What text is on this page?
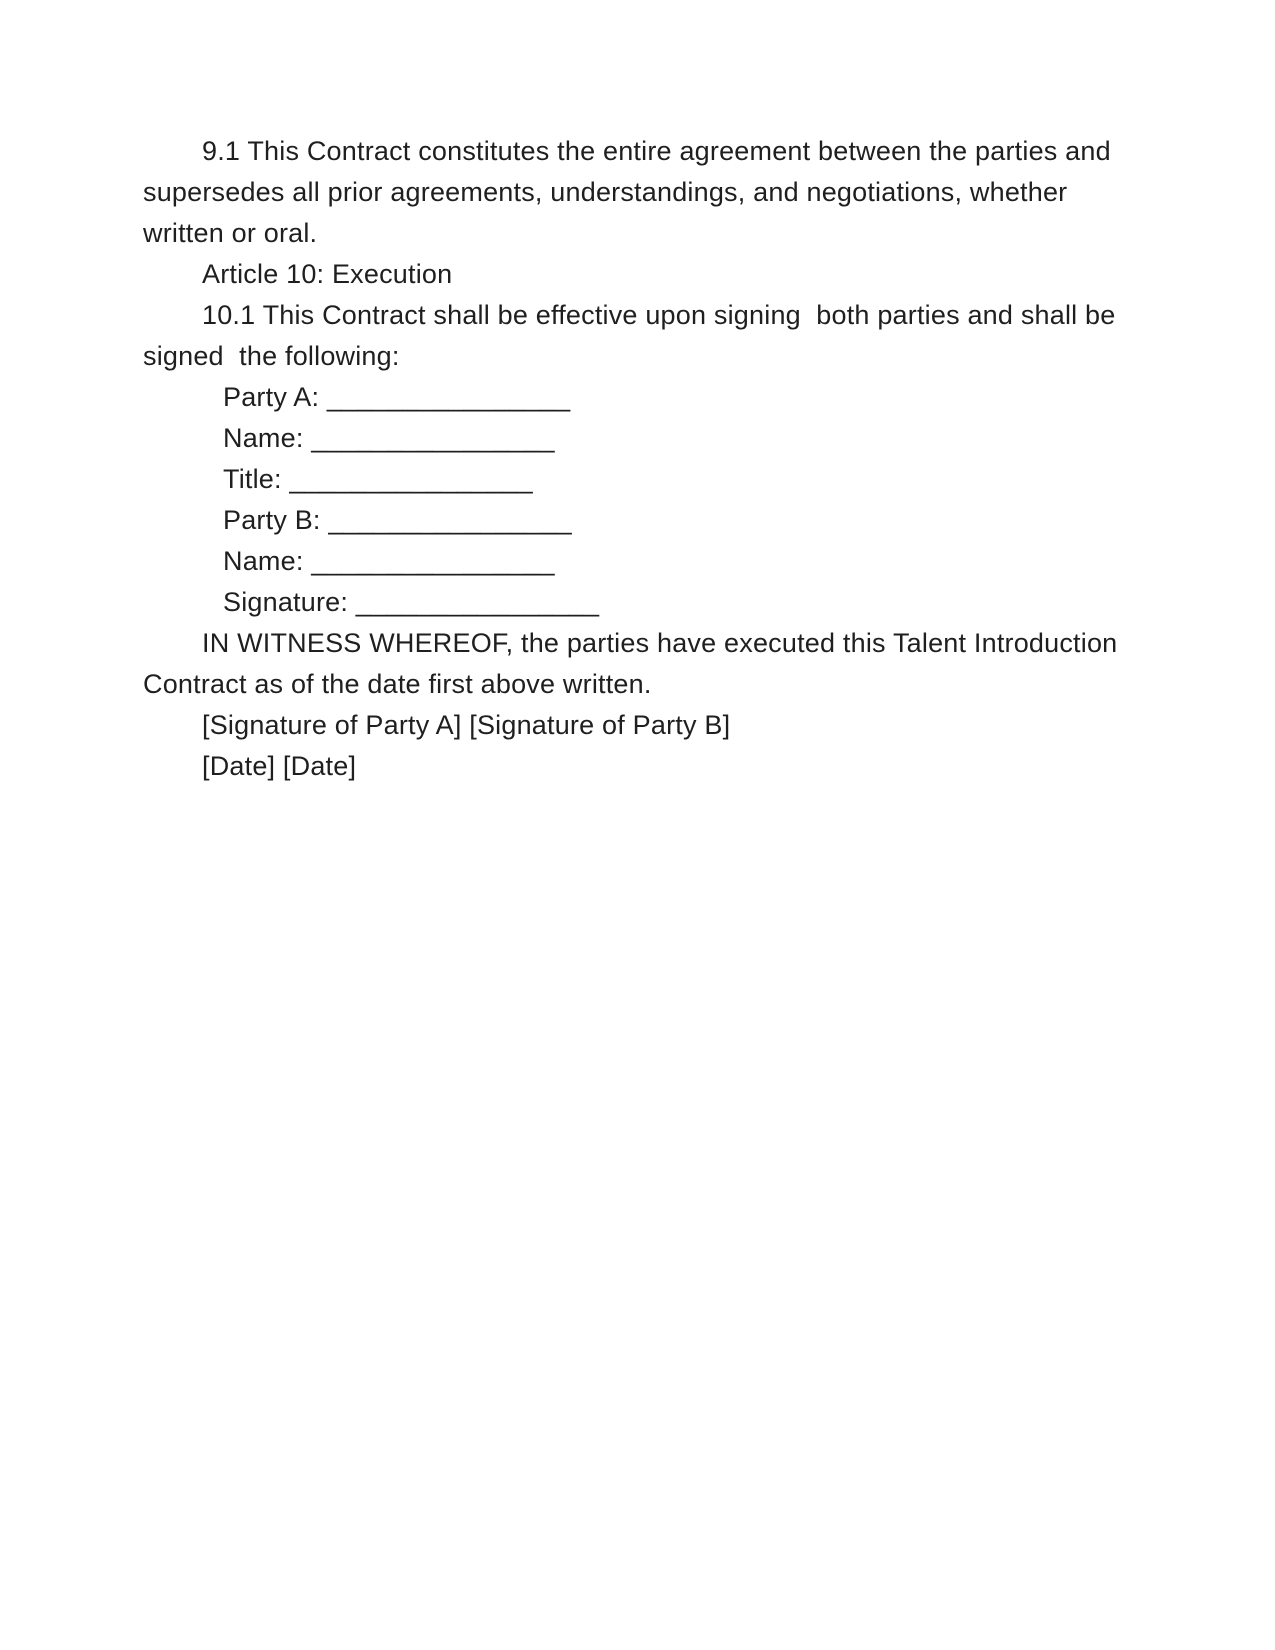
9.1 This Contract constitutes the entire agreement between the parties and
supersedes all prior agreements, understandings, and negotiations, whether
written or oral.
Article 10: Execution
10.1 This Contract shall be effective upon signing  both parties and shall be
signed  the following:
Party A: ________________
Name: ________________
Title: ________________
Party B: ________________
Name: ________________
Signature: ________________
IN WITNESS WHEREOF, the parties have executed this Talent Introduction
Contract as of the date first above written.
[Signature of Party A] [Signature of Party B]
[Date] [Date]
